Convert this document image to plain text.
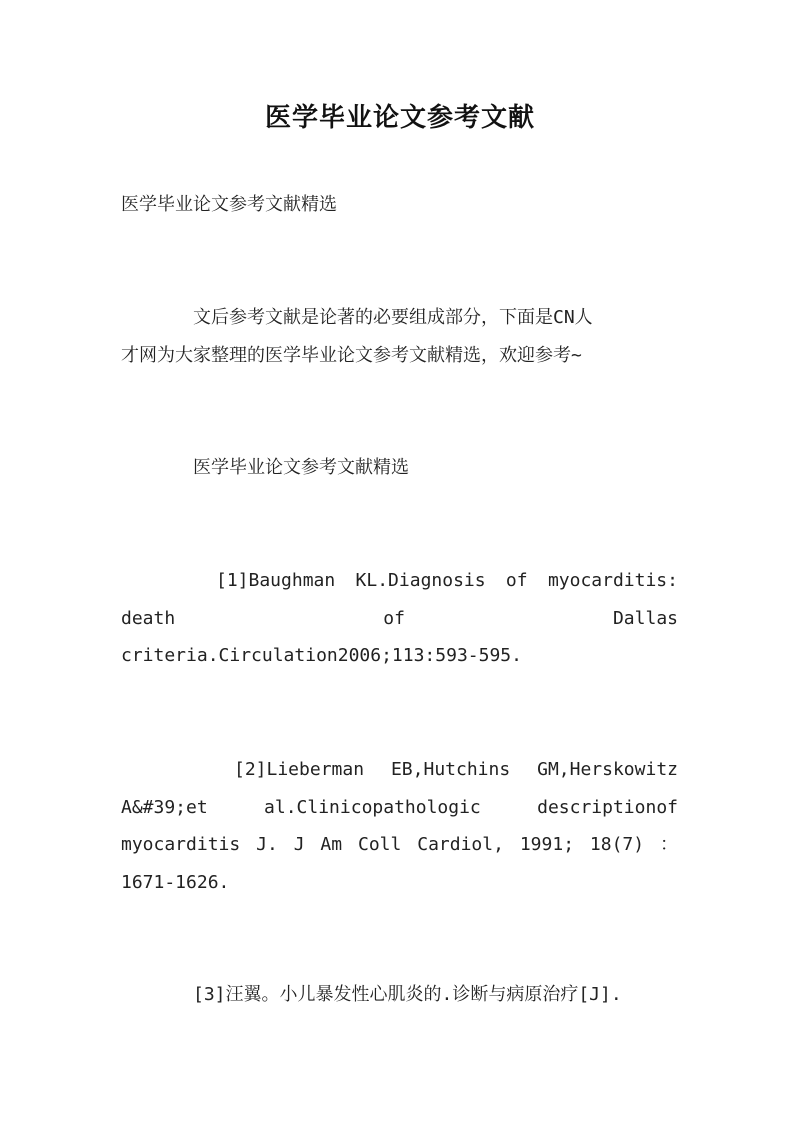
医学毕业论文参考文献
医学毕业论文参考文献精选
文后参考文献是论著的必要组成部分，下面是CN人
才网为大家整理的医学毕业论文参考文献精选，欢迎参考~
医学毕业论文参考文献精选
[1]Baughman KL.Diagnosis of myocarditis:
death	of	Dallas
criteria.Circulation2006;113:593-595.
[2]Lieberman EB,Hutchins GM,Herskowitz
A&#39;et	al.Clinicopathologic	descriptionof
myocarditis J. J Am Coll Cardiol, 1991; 18(7) ：
1671-1626.
[3]汪翼。小儿暴发性心肌炎的.诊断与病原治疗[J].
